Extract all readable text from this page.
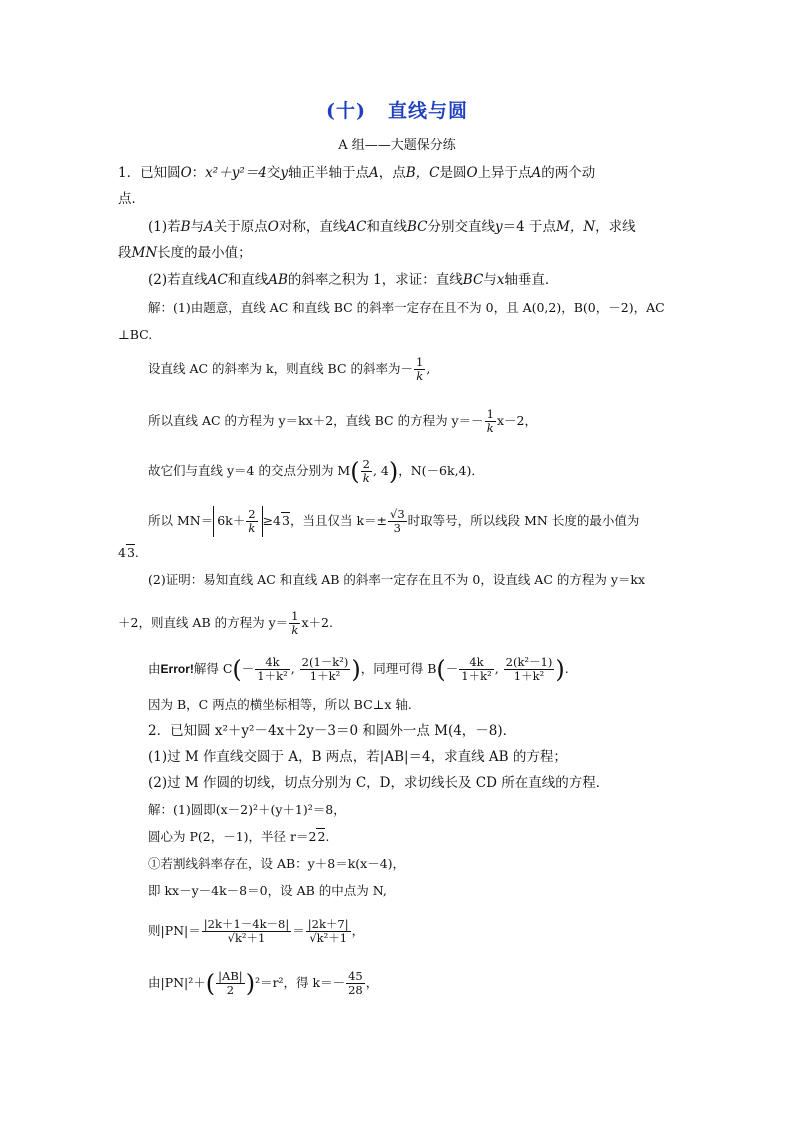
(十) 直线与圆
A 组——大题保分练
1．已知圆O：x²＋y²＝4交y轴正半轴于点A，点B，C是圆O上异于点A的两个动
点．
(1)若B与A关于原点O对称，直线AC和直线BC分别交直线y＝4 于点M，N，求线
段MN长度的最小值；
(2)若直线AC和直线AB的斜率之积为 1，求证：直线BC与x轴垂直．
解：(1)由题意，直线 AC 和直线 BC 的斜率一定存在且不为 0，且 A(0,2)，B(0，－2)，AC
⊥BC.
设直线 AC 的斜率为 k，则直线 BC 的斜率为－ $\frac{1}{k}$ ,
所以直线 AC 的方程为 y＝kx＋2，直线 BC 的方程为 $y=- \frac{1}{k} x-2$，
故它们与直线 y＝4 的交点分别为 $M( \frac{2}{k}$ , 4)，N(－6k,4)．
所以 $MN= 6k+ \frac{2}{k} \ge 43$，当且仅当 $k=\pm \frac{√3}{3}$ 时取等号，所以线段 MN 长度的最小值为
43.
(2)证明：易知直线 AC 和直线 AB 的斜率一定存在且不为 0，设直线 AC 的方程为 y＝kx
＋2，则直线 AB 的方程为 $y= \frac{1}{k} x+2$.
由Error!解得 $C(- \frac{4k}{\text{1＋k²}}$ , $\frac{\text{2(1－k²)}}{\text{1＋k²}}$ )，同理可得 $B(- \frac{4k}{\text{1＋k²}}$ , $\frac{\text{2(k²－1)}}{\text{1＋k²}}$ ).
因为 B，C 两点的横坐标相等，所以 BC⊥x 轴.
2．已知圆 x²＋y²－4x＋2y－3＝0 和圆外一点 M(4，－8)．
(1)过 M 作直线交圆于 A，B 两点，若|AB|＝4，求直线 AB 的方程；
(2)过 M 作圆的切线，切点分别为 C，D，求切线长及 CD 所在直线的方程．
解：(1)圆即(x－2)²＋(y＋1)²＝8，
圆心为 P(2，－1)，半径 r＝22.
①若割线斜率存在，设 AB：y＋8＝k(x－4)，
即 kx－y－4k－8＝0，设 AB 的中点为 N,
则$|PN|= \frac{|2k+1-4k-8|}{\text{√k²＋1}} = \frac{|2k+7|}{\text{√k²＋1}}$ ，
由$|PN|^2+( \frac{|AB|}{2} )^2=r^2$，得 $k=- \frac{45}{28}$ ，
